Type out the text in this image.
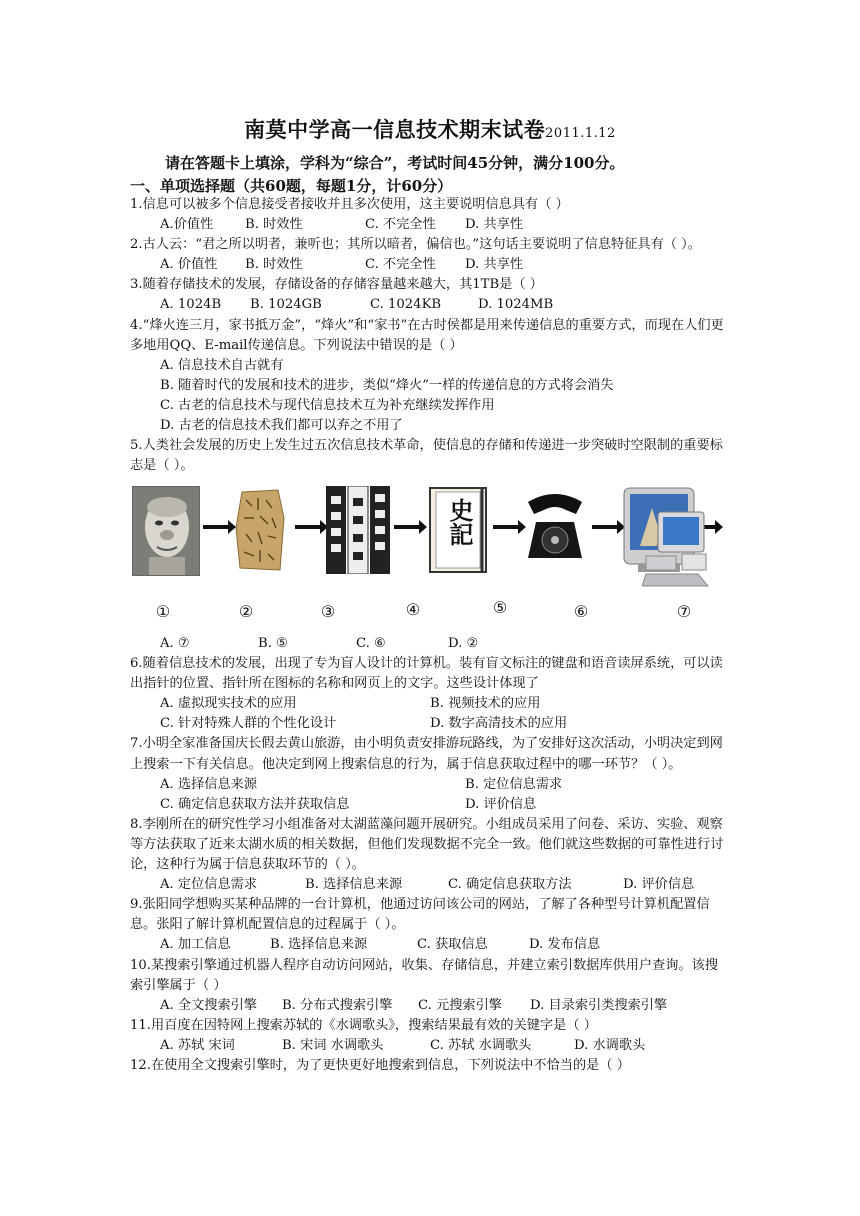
南莫中学高一信息技术期末试卷2011.1.12
请在答题卡上填涂，学科为“综合”，考试时间45分钟，满分100分。
一、单项选择题（共60题，每题1分，计60分）

1.信息可以被多个信息接受者接收并且多次使用，这主要说明信息具有（ ）

A.价值性 B. 时效性	C. 不完全性 D. 共享性

2.古人云：“君之所以明者，兼听也；其所以暗者，偏信也。”这句话主要说明了信息特征具有（ ）。

A. 价值性 B. 时效性	C. 不完全性 D. 共享性

3.随着存储技术的发展，存储设备的存储容量越来越大，其1TB是（ ）

A. 1024B B. 1024GB	C. 1024KB	D. 1024MB

4.“烽火连三月，家书抵万金”，“烽火”和“家书”在古时侯都是用来传递信息的重要方式，而现在人们更多地用QQ、E-mail传递信息。下列说法中错误的是（ ）

A. 信息技术自古就有
B. 随着时代的发展和技术的进步，类似“烽火”一样的传递信息的方式将会消失
C. 古老的信息技术与现代信息技术互为补充继续发挥作用
D. 古老的信息技术我们都可以弃之不用了

5.人类社会发展的历史上发生过五次信息技术革命，使信息的存储和传递进一步突破时空限制的重要标志是（ ）。

史記
①	②	③	④	⑤	⑥	⑦
A. ⑦	B. ⑤	C. ⑥	D. ②

6.随着信息技术的发展，出现了专为盲人设计的计算机。装有盲文标注的键盘和语音读屏系统，可以读出指针的位置、指针所在图标的名称和网页上的文字。这些设计体现了

A. 虚拟现实技术的应用	B. 视频技术的应用
C. 针对特殊人群的个性化设计	D. 数字高清技术的应用

7.小明全家准备国庆长假去黄山旅游，由小明负责安排游玩路线，为了安排好这次活动，小明决定到网上搜索一下有关信息。他决定到网上搜索信息的行为，属于信息获取过程中的哪一环节？（ ）。

A. 选择信息来源	B. 定位信息需求
C. 确定信息获取方法并获取信息	D. 评价信息

8.李刚所在的研究性学习小组准备对太湖蓝藻问题开展研究。小组成员采用了问卷、采访、实验、观察等方法获取了近来太湖水质的相关数据，但他们发现数据不完全一致。他们就这些数据的可靠性进行讨论，这种行为属于信息获取环节的（ ）。

A. 定位信息需求	B. 选择信息来源	C. 确定信息获取方法	D. 评价信息

9.张阳同学想购买某种品牌的一台计算机，他通过访问该公司的网站，了解了各种型号计算机配置信息。张阳了解计算机配置信息的过程属于（ ）。

A. 加工信息	B. 选择信息来源	C. 获取信息	D. 发布信息

10.某搜索引擎通过机器人程序自动访问网站，收集、存储信息，并建立索引数据库供用户查询。该搜索引擎属于（ ）

A. 全文搜索引擎 B. 分布式搜索引擎 C. 元搜索引擎 D. 目录索引类搜索引擎

11.用百度在因特网上搜索苏轼的《水调歌头》，搜索结果最有效的关键字是（ ）

A. 苏轼 宋词	B. 宋词 水调歌头	C. 苏轼 水调歌头	D. 水调歌头

12.在使用全文搜索引擎时，为了更快更好地搜索到信息，下列说法中不恰当的是（ ）
